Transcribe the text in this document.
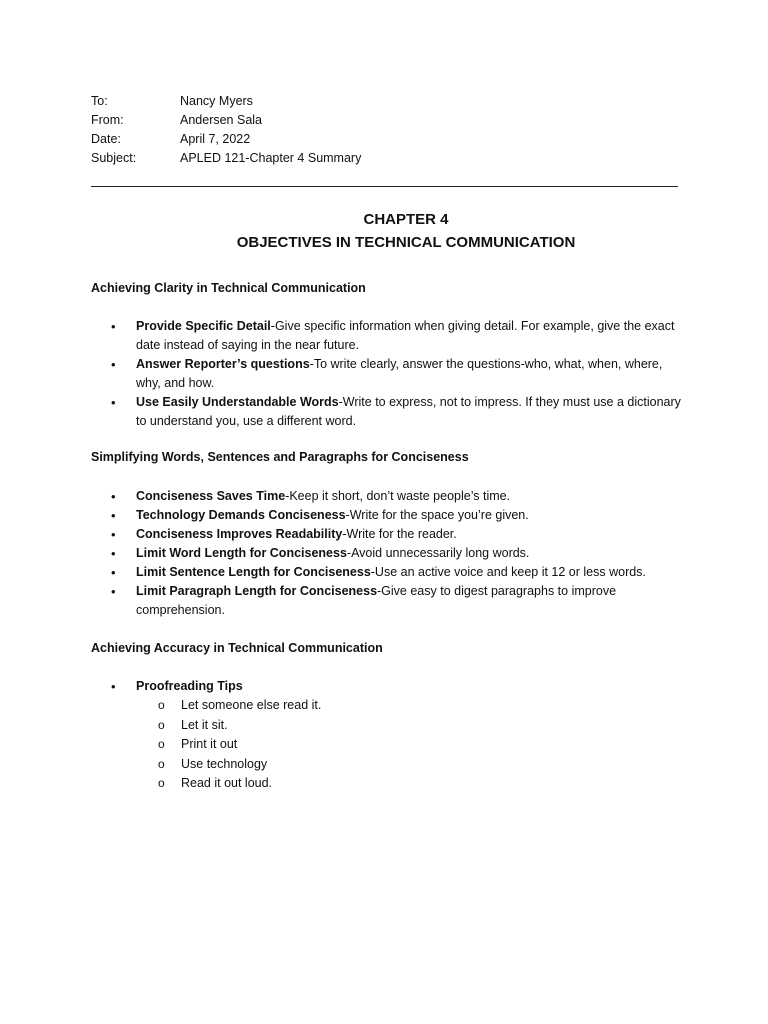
To:	Nancy Myers
From:	Andersen Sala
Date:	April 7, 2022
Subject:	APLED 121-Chapter 4 Summary
CHAPTER 4
OBJECTIVES IN TECHNICAL COMMUNICATION
Achieving Clarity in Technical Communication
• Provide Specific Detail-Give specific information when giving detail. For example, give the exact date instead of saying in the near future.
• Answer Reporter’s questions-To write clearly, answer the questions-who, what, when, where, why, and how.
• Use Easily Understandable Words-Write to express, not to impress. If they must use a dictionary to understand you, use a different word.
Simplifying Words, Sentences and Paragraphs for Conciseness
• Conciseness Saves Time-Keep it short, don’t waste people’s time.
• Technology Demands Conciseness-Write for the space you’re given.
• Conciseness Improves Readability-Write for the reader.
• Limit Word Length for Conciseness-Avoid unnecessarily long words.
• Limit Sentence Length for Conciseness-Use an active voice and keep it 12 or less words.
• Limit Paragraph Length for Conciseness-Give easy to digest paragraphs to improve comprehension.
Achieving Accuracy in Technical Communication
• Proofreading Tips
o Let someone else read it.
o Let it sit.
o Print it out
o Use technology
o Read it out loud.
